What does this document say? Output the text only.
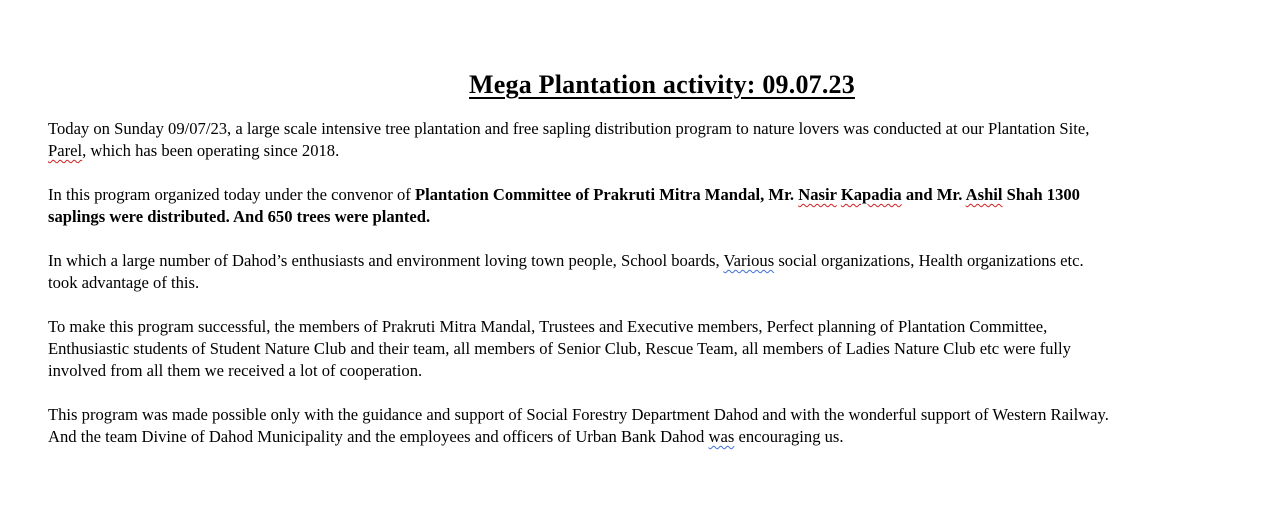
Mega Plantation activity: 09.07.23
Today on Sunday 09/07/23, a large scale intensive tree plantation and free sapling distribution program to nature lovers was conducted at our Plantation Site,
Parel, which has been operating since 2018.
In this program organized today under the convenor of Plantation Committee of Prakruti Mitra Mandal, Mr. Nasir Kapadia and Mr. Ashil Shah 1300
saplings were distributed. And 650 trees were planted.
In which a large number of Dahod’s enthusiasts and environment loving town people, School boards, Various social organizations, Health organizations etc.
took advantage of this.
To make this program successful, the members of Prakruti Mitra Mandal, Trustees and Executive members, Perfect planning of Plantation Committee,
Enthusiastic students of Student Nature Club and their team, all members of Senior Club, Rescue Team, all members of Ladies Nature Club etc were fully
involved from all them we received a lot of cooperation.
This program was made possible only with the guidance and support of Social Forestry Department Dahod and with the wonderful support of Western Railway.
And the team Divine of Dahod Municipality and the employees and officers of Urban Bank Dahod was encouraging us.
